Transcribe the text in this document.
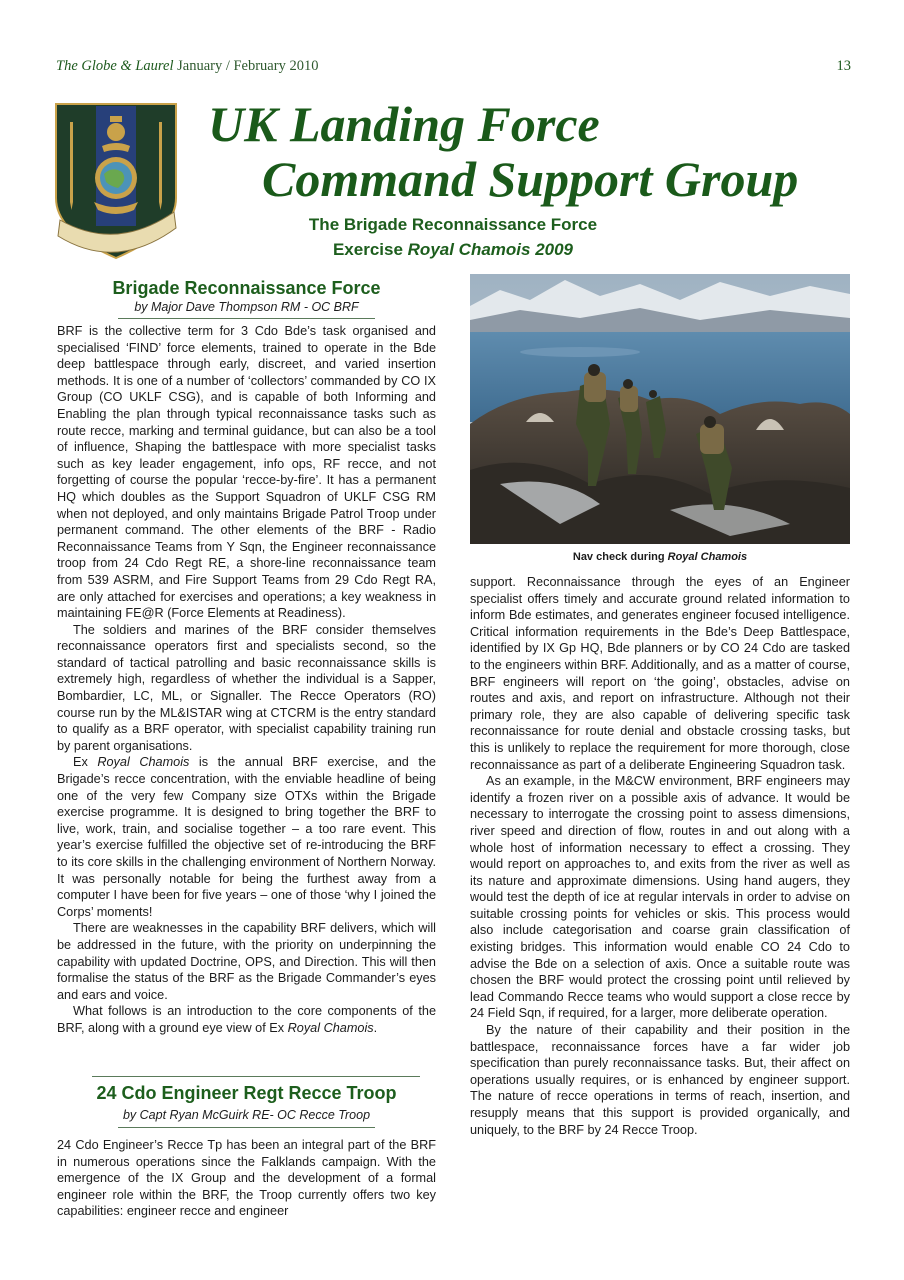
The Globe & Laurel January / February 2010	13
UK Landing Force
Command Support Group
The Brigade Reconnaissance Force
Exercise Royal Chamois 2009
Brigade Reconnaissance Force
by Major Dave Thompson RM - OC BRF

BRF is the collective term for 3 Cdo Bde’s task organised and specialised ‘FIND’ force elements, trained to operate in the Bde deep battlespace through early, discreet, and varied insertion methods. It is one of a number of ‘collectors’ commanded by CO IX Group (CO UKLF CSG), and is capable of both Informing and Enabling the plan through typical reconnaissance tasks such as route recce, marking and terminal guidance, but can also be a tool of influence, Shaping the battlespace with more specialist tasks such as key leader engagement, info ops, RF recce, and not forgetting of course the popular ‘recce-by-fire’. It has a permanent HQ which doubles as the Support Squadron of UKLF CSG RM when not deployed, and only maintains Brigade Patrol Troop under permanent command. The other elements of the BRF - Radio Reconnaissance Teams from Y Sqn, the Engineer reconnaissance troop from 24 Cdo Regt RE, a shore-line reconnaissance team from 539 ASRM, and Fire Support Teams from 29 Cdo Regt RA, are only attached for exercises and operations; a key weakness in maintaining FE@R (Force Elements at Readiness).

The soldiers and marines of the BRF consider themselves reconnaissance operators first and specialists second, so the standard of tactical patrolling and basic reconnaissance skills is extremely high, regardless of whether the individual is a Sapper, Bombardier, LC, ML, or Signaller. The Recce Operators (RO) course run by the ML&ISTAR wing at CTCRM is the entry standard to qualify as a BRF operator, with specialist capability training run by parent organisations.

Ex Royal Chamois is the annual BRF exercise, and the Brigade’s recce concentration, with the enviable headline of being one of the very few Company size OTXs within the Brigade exercise programme. It is designed to bring together the BRF to live, work, train, and socialise together – a too rare event. This year’s exercise fulfilled the objective set of re-introducing the BRF to its core skills in the challenging environment of Northern Norway. It was personally notable for being the furthest away from a computer I have been for five years – one of those ‘why I joined the Corps’ moments!

There are weaknesses in the capability BRF delivers, which will be addressed in the future, with the priority on underpinning the capability with updated Doctrine, OPS, and Direction. This will then formalise the status of the BRF as the Brigade Commander’s eyes and ears and voice.

What follows is an introduction to the core components of the BRF, along with a ground eye view of Ex Royal Chamois.

24 Cdo Engineer Regt Recce Troop
by Capt Ryan McGuirk RE- OC Recce Troop

24 Cdo Engineer’s Recce Tp has been an integral part of the BRF in numerous operations since the Falklands campaign. With the emergence of the IX Group and the development of a formal engineer role within the BRF, the Troop currently offers two key capabilities: engineer recce and engineer

Nav check during Royal Chamois

support. Reconnaissance through the eyes of an Engineer specialist offers timely and accurate ground related information to inform Bde estimates, and generates engineer focused intelligence. Critical information requirements in the Bde’s Deep Battlespace, identified by IX Gp HQ, Bde planners or by CO 24 Cdo are tasked to the engineers within BRF. Additionally, and as a matter of course, BRF engineers will report on ‘the going’, obstacles, advise on routes and axis, and report on infrastructure. Although not their primary role, they are also capable of delivering specific task reconnaissance for route denial and obstacle crossing tasks, but this is unlikely to replace the requirement for more thorough, close reconnaissance as part of a deliberate Engineering Squadron task.

As an example, in the M&CW environment, BRF engineers may identify a frozen river on a possible axis of advance. It would be necessary to interrogate the crossing point to assess dimensions, river speed and direction of flow, routes in and out along with a whole host of information necessary to effect a crossing. They would report on approaches to, and exits from the river as well as its nature and approximate dimensions. Using hand augers, they would test the depth of ice at regular intervals in order to advise on suitable crossing points for vehicles or skis. This process would also include categorisation and coarse grain classification of existing bridges. This information would enable CO 24 Cdo to advise the Bde on a selection of axis. Once a suitable route was chosen the BRF would protect the crossing point until relieved by lead Commando Recce teams who would support a close recce by 24 Field Sqn, if required, for a larger, more deliberate operation.

By the nature of their capability and their position in the battlespace, reconnaissance forces have a far wider job specification than purely reconnaissance tasks. But, their affect on operations usually requires, or is enhanced by engineer support. The nature of recce operations in terms of reach, insertion, and resupply means that this support is provided organically, and uniquely, to the BRF by 24 Recce Troop.
